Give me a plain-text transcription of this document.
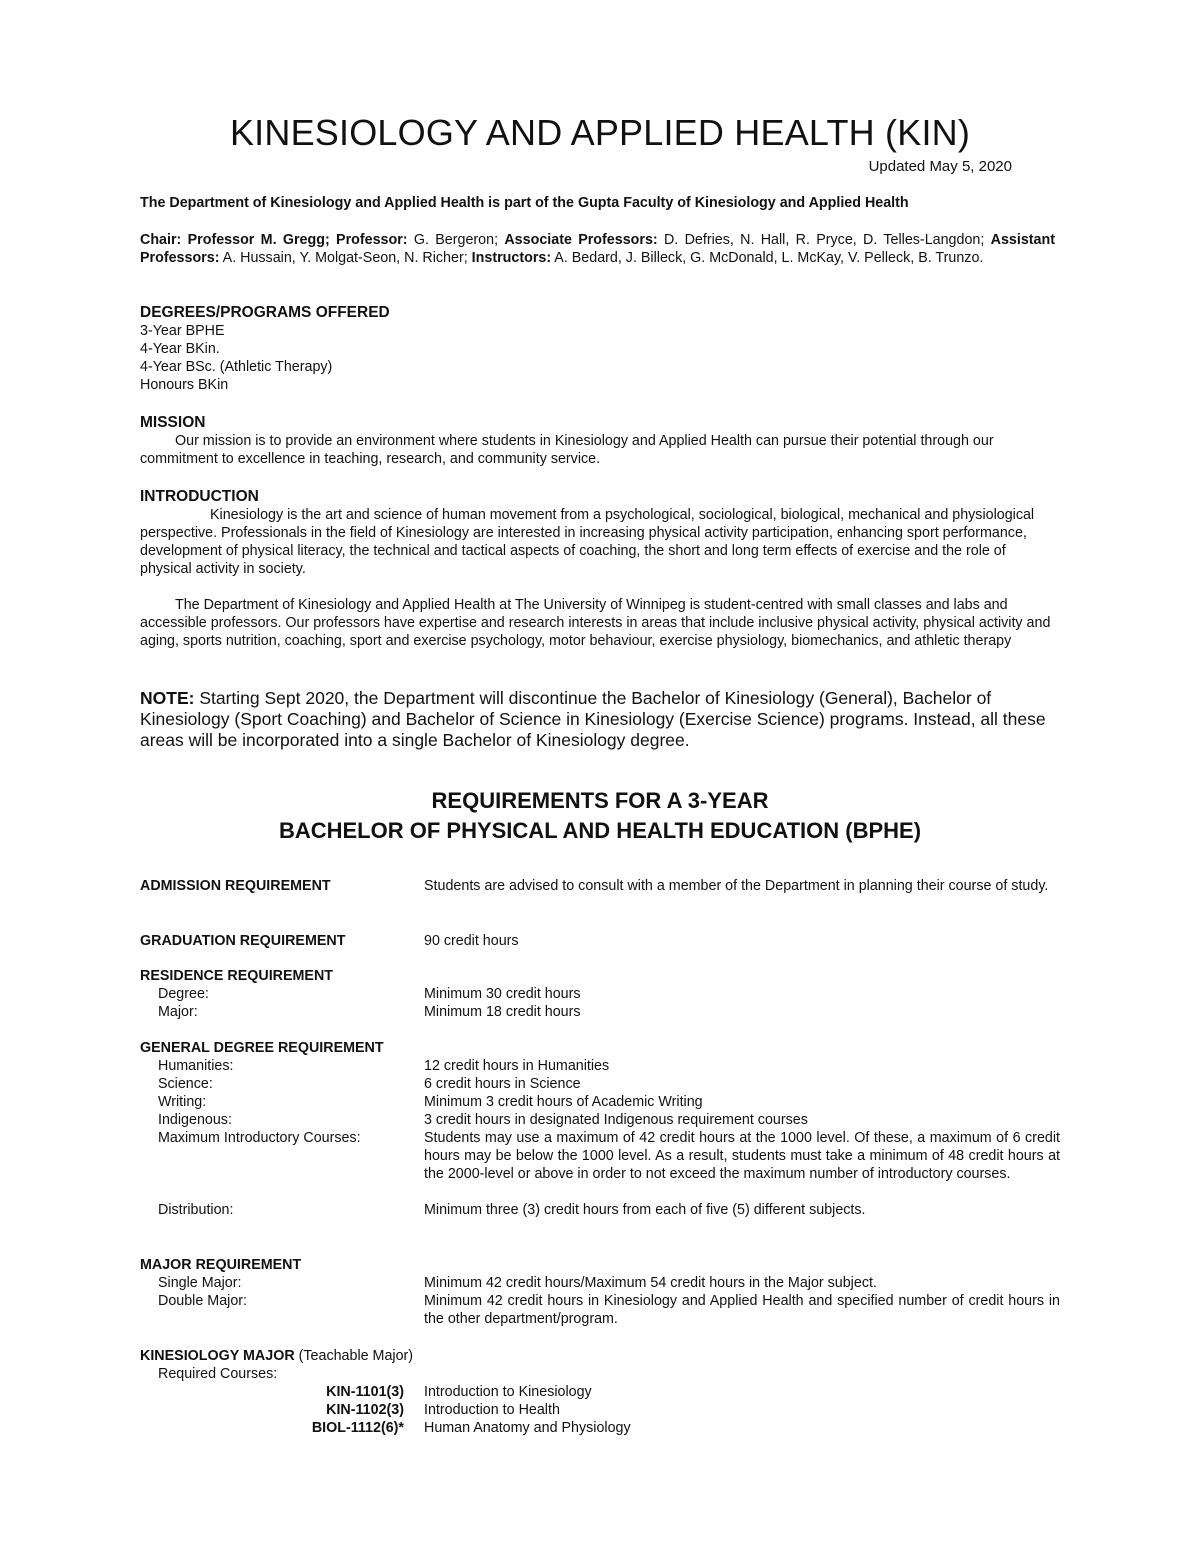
KINESIOLOGY AND APPLIED HEALTH (KIN)
Updated May 5, 2020

The Department of Kinesiology and Applied Health is part of the Gupta Faculty of Kinesiology and Applied Health

Chair: Professor M. Gregg; Professor: G. Bergeron; Associate Professors: D. Defries, N. Hall, R. Pryce, D. Telles-Langdon; Assistant Professors: A. Hussain, Y. Molgat-Seon, N. Richer; Instructors: A. Bedard, J. Billeck, G. McDonald, L. McKay, V. Pelleck, B. Trunzo.

DEGREES/PROGRAMS OFFERED

3-Year BPHE
4-Year BKin.
4-Year BSc. (Athletic Therapy)
Honours BKin

MISSION

Our mission is to provide an environment where students in Kinesiology and Applied Health can pursue their potential through our commitment to excellence in teaching, research, and community service.

INTRODUCTION

Kinesiology is the art and science of human movement from a psychological, sociological, biological, mechanical and physiological perspective. Professionals in the field of Kinesiology are interested in increasing physical activity participation, enhancing sport performance, development of physical literacy, the technical and tactical aspects of coaching, the short and long term effects of exercise and the role of physical activity in society.

The Department of Kinesiology and Applied Health at The University of Winnipeg is student-centred with small classes and labs and accessible professors. Our professors have expertise and research interests in areas that include inclusive physical activity, physical activity and aging, sports nutrition, coaching, sport and exercise psychology, motor behaviour, exercise physiology, biomechanics, and athletic therapy

NOTE: Starting Sept 2020, the Department will discontinue the Bachelor of Kinesiology (General), Bachelor of Kinesiology (Sport Coaching) and Bachelor of Science in Kinesiology (Exercise Science) programs. Instead, all these areas will be incorporated into a single Bachelor of Kinesiology degree.

REQUIREMENTS FOR A 3-YEAR
BACHELOR OF PHYSICAL AND HEALTH EDUCATION (BPHE)
ADMISSION REQUIREMENT	Students are advised to consult with a member of the Department in planning their course of study.
GRADUATION REQUIREMENT	90 credit hours
RESIDENCE REQUIREMENT
Degree:	Minimum 30 credit hours
Major:	Minimum 18 credit hours
GENERAL DEGREE REQUIREMENT
Humanities:	12 credit hours in Humanities
Science:	6 credit hours in Science
Writing:	Minimum 3 credit hours of Academic Writing
Indigenous:	3 credit hours in designated Indigenous requirement courses
Maximum Introductory Courses:	Students may use a maximum of 42 credit hours at the 1000 level. Of these, a maximum of 6 credit hours may be below the 1000 level. As a result, students must take a minimum of 48 credit hours at the 2000-level or above in order to not exceed the maximum number of introductory courses.
Distribution:	Minimum three (3) credit hours from each of five (5) different subjects.
MAJOR REQUIREMENT
Single Major:	Minimum 42 credit hours/Maximum 54 credit hours in the Major subject.
Double Major:	Minimum 42 credit hours in Kinesiology and Applied Health and specified number of credit hours in the other department/program.
KINESIOLOGY MAJOR (Teachable Major)
Required Courses:
KIN-1101(3) Introduction to Kinesiology
KIN-1102(3) Introduction to Health
BIOL-1112(6)* Human Anatomy and Physiology
